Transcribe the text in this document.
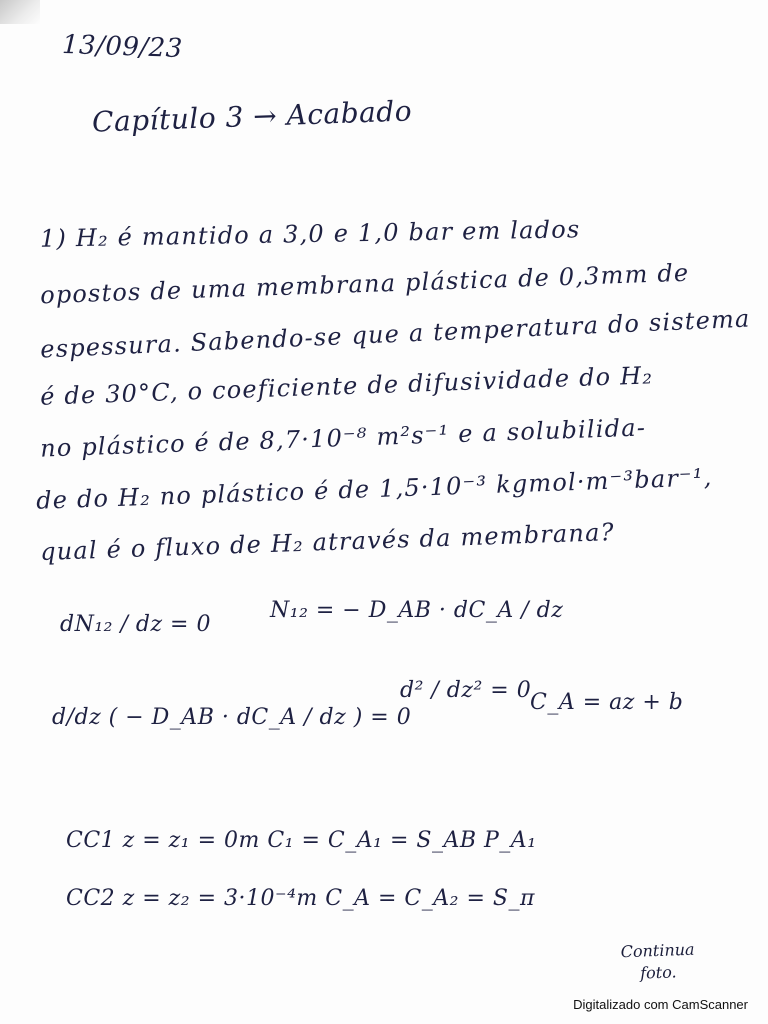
13/09/23
Capítulo 3 → Acabado
1) H₂ é mantido a 3,0 e 1,0 bar em lados
opostos de uma membrana plástica de 0,3mm de
espessura. Sabendo-se que a temperatura do sistema
é de 30°C, o coeficiente de difusividade do H₂
no plástico é de 8,7·10⁻⁸ m²s⁻¹ e a solubilida-
de do H₂ no plástico é de 1,5·10⁻³ kgmol·m⁻³bar⁻¹,
qual é o fluxo de H₂ através da membrana?
dN₁₂ / dz = 0
N₁₂ = − D_AB · dC_A / dz
d/dz ( − D_AB · dC_A / dz ) = 0
d² / dz² = 0
C_A = az + b
CC1 z = z₁ = 0m C₁ = C_A₁ = S_AB P_A₁
CC2 z = z₂ = 3·10⁻⁴m C_A = C_A₂ = S_π
Continua
foto.
Digitalizado com CamScanner
